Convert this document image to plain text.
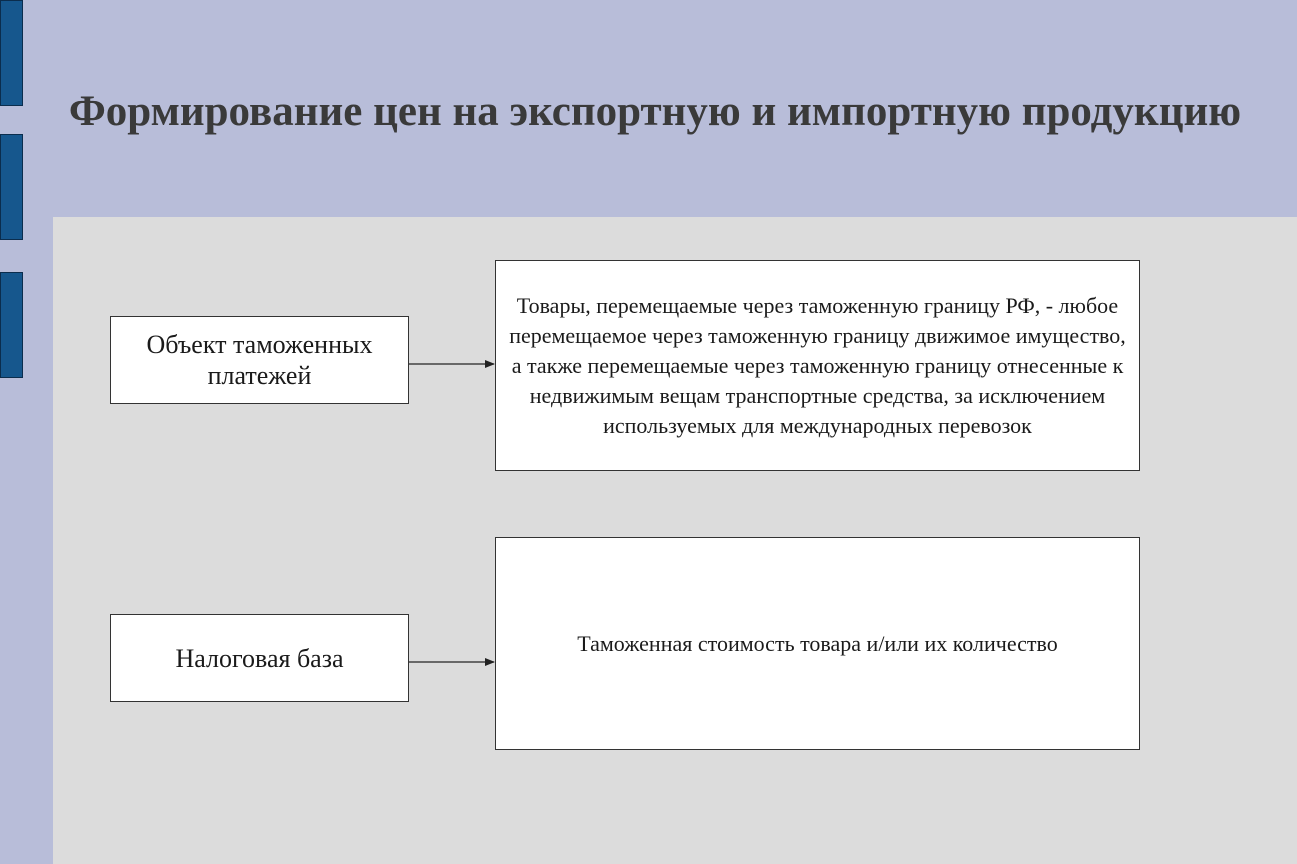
Формирование цен на экспортную и импортную продукцию
Объект таможенных платежей
Товары, перемещаемые через таможенную границу РФ, - любое перемещаемое через таможенную границу движимое имущество, а также перемещаемые через таможенную границу отнесенные к недвижимым вещам транспортные средства, за исключением используемых для международных перевозок
Налоговая база
Таможенная стоимость товара и/или их количество
